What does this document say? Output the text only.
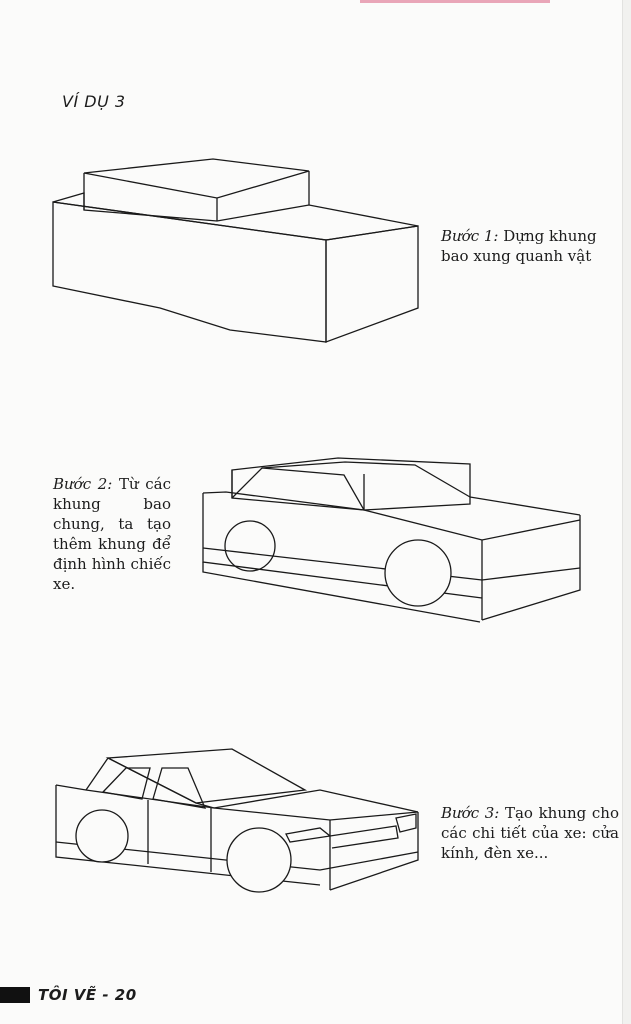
VÍ DỤ 3
Bước 1: Dựng khung bao xung quanh vật
Bước 2: Từ các khung bao chung, ta tạo thêm khung để định hình chiếc xe.
Bước 3: Tạo khung cho các chi tiết của xe: cửa kính, đèn xe...
TÔI VẼ - 20
